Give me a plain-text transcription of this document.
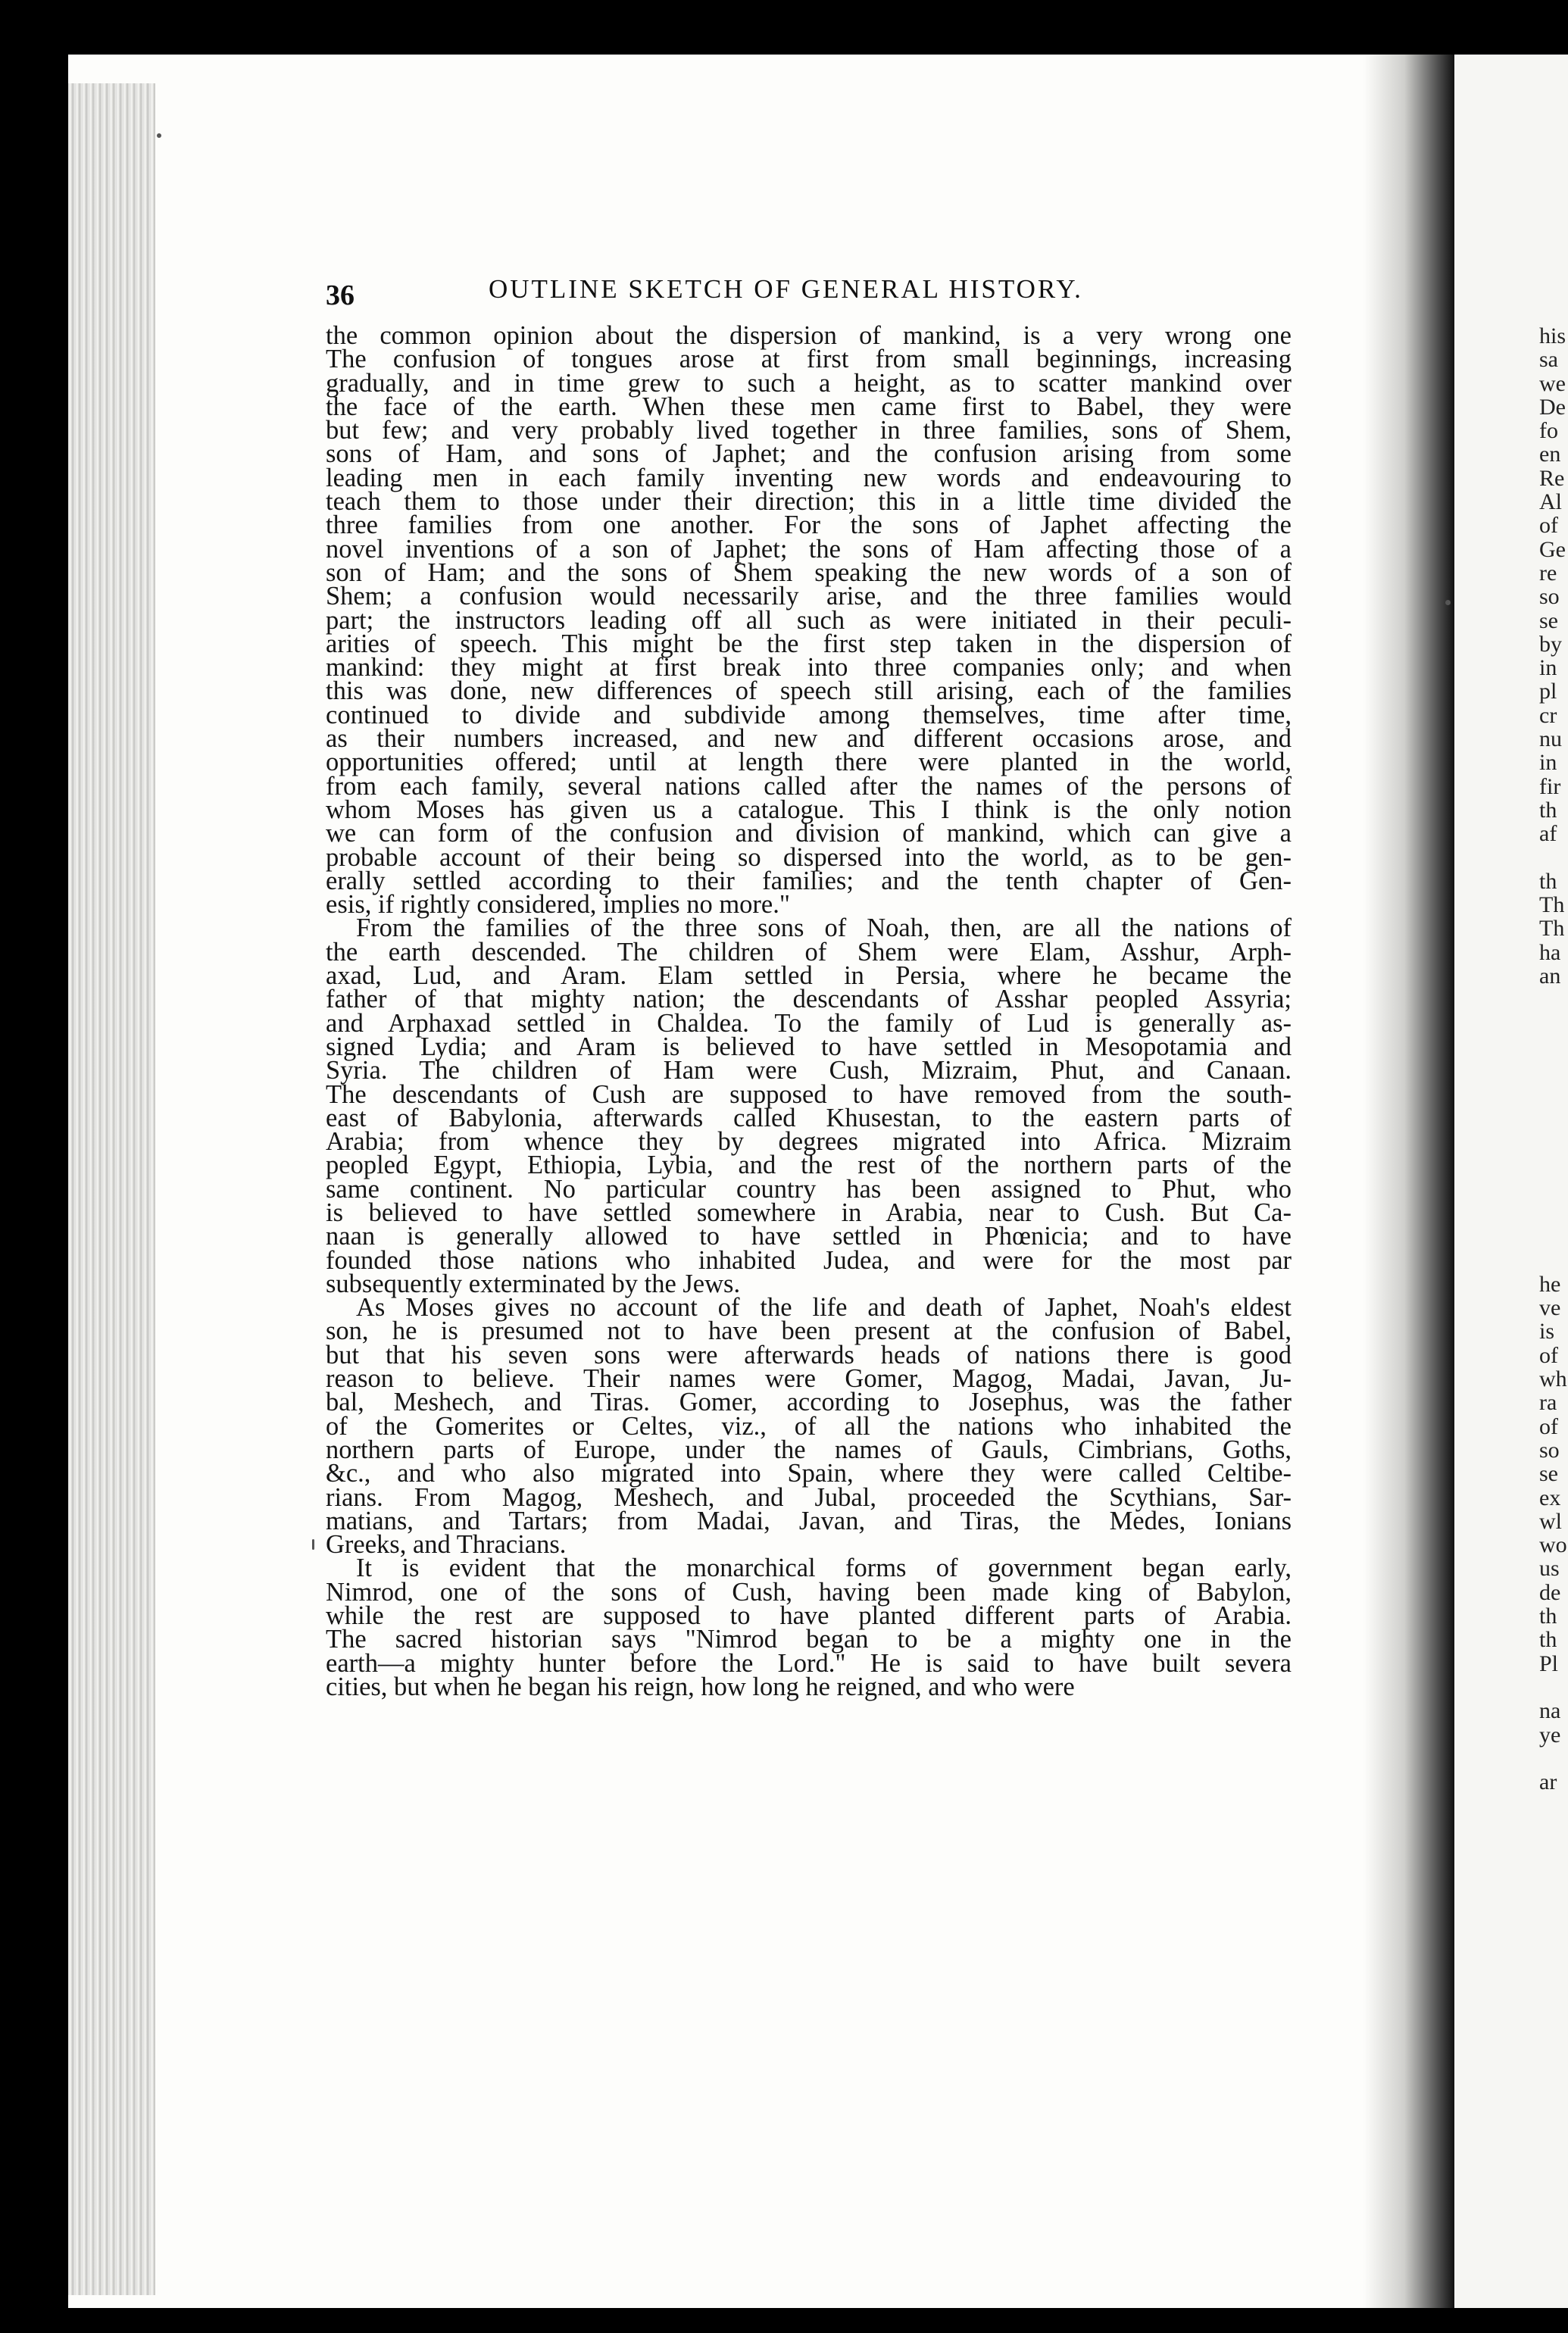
36	OUTLINE SKETCH OF GENERAL HISTORY.
the common opinion about the dispersion of mankind, is a very wrong one
The confusion of tongues arose at first from small beginnings, increasing
gradually, and in time grew to such a height, as to scatter mankind over
the face of the earth. When these men came first to Babel, they were
but few; and very probably lived together in three families, sons of Shem,
sons of Ham, and sons of Japhet; and the confusion arising from some
leading men in each family inventing new words and endeavouring to
teach them to those under their direction; this in a little time divided the
three families from one another. For the sons of Japhet affecting the
novel inventions of a son of Japhet; the sons of Ham affecting those of a
son of Ham; and the sons of Shem speaking the new words of a son of
Shem; a confusion would necessarily arise, and the three families would
part; the instructors leading off all such as were initiated in their peculi-
arities of speech. This might be the first step taken in the dispersion of
mankind: they might at first break into three companies only; and when
this was done, new differences of speech still arising, each of the families
continued to divide and subdivide among themselves, time after time,
as their numbers increased, and new and different occasions arose, and
opportunities offered; until at length there were planted in the world,
from each family, several nations called after the names of the persons of
whom Moses has given us a catalogue. This I think is the only notion
we can form of the confusion and division of mankind, which can give a
probable account of their being so dispersed into the world, as to be gen-
erally settled according to their families; and the tenth chapter of Gen-
esis, if rightly considered, implies no more."
From the families of the three sons of Noah, then, are all the nations of
the earth descended. The children of Shem were Elam, Asshur, Arph-
axad, Lud, and Aram. Elam settled in Persia, where he became the
father of that mighty nation; the descendants of Asshar peopled Assyria;
and Arphaxad settled in Chaldea. To the family of Lud is generally as-
signed Lydia; and Aram is believed to have settled in Mesopotamia and
Syria. The children of Ham were Cush, Mizraim, Phut, and Canaan.
The descendants of Cush are supposed to have removed from the south-
east of Babylonia, afterwards called Khusestan, to the eastern parts of
Arabia; from whence they by degrees migrated into Africa. Mizraim
peopled Egypt, Ethiopia, Lybia, and the rest of the northern parts of the
same continent. No particular country has been assigned to Phut, who
is believed to have settled somewhere in Arabia, near to Cush. But Ca-
naan is generally allowed to have settled in Phœnicia; and to have
founded those nations who inhabited Judea, and were for the most par
subsequently exterminated by the Jews.
As Moses gives no account of the life and death of Japhet, Noah's eldest
son, he is presumed not to have been present at the confusion of Babel,
but that his seven sons were afterwards heads of nations there is good
reason to believe. Their names were Gomer, Magog, Madai, Javan, Ju-
bal, Meshech, and Tiras. Gomer, according to Josephus, was the father
of the Gomerites or Celtes, viz., of all the nations who inhabited the
northern parts of Europe, under the names of Gauls, Cimbrians, Goths,
&c., and who also migrated into Spain, where they were called Celtibe-
rians. From Magog, Meshech, and Jubal, proceeded the Scythians, Sar-
matians, and Tartars; from Madai, Javan, and Tiras, the Medes, Ionians
Greeks, and Thracians.
It is evident that the monarchical forms of government began early,
Nimrod, one of the sons of Cush, having been made king of Babylon,
while the rest are supposed to have planted different parts of Arabia.
The sacred historian says "Nimrod began to be a mighty one in the
earth—a mighty hunter before the Lord." He is said to have built severa
cities, but when he began his reign, how long he reigned, and who were
his
sa
we
De
fo
en
Re
Al
of
Ge
re
so
se
by
in
pl
cr
nu
in
fir
th
af
th
Th
Th
ha
an
he
ve
is
of
wh
ra
of
so
se
ex
wl
wo
us
de
th
th
Pl
na
ye
ar
